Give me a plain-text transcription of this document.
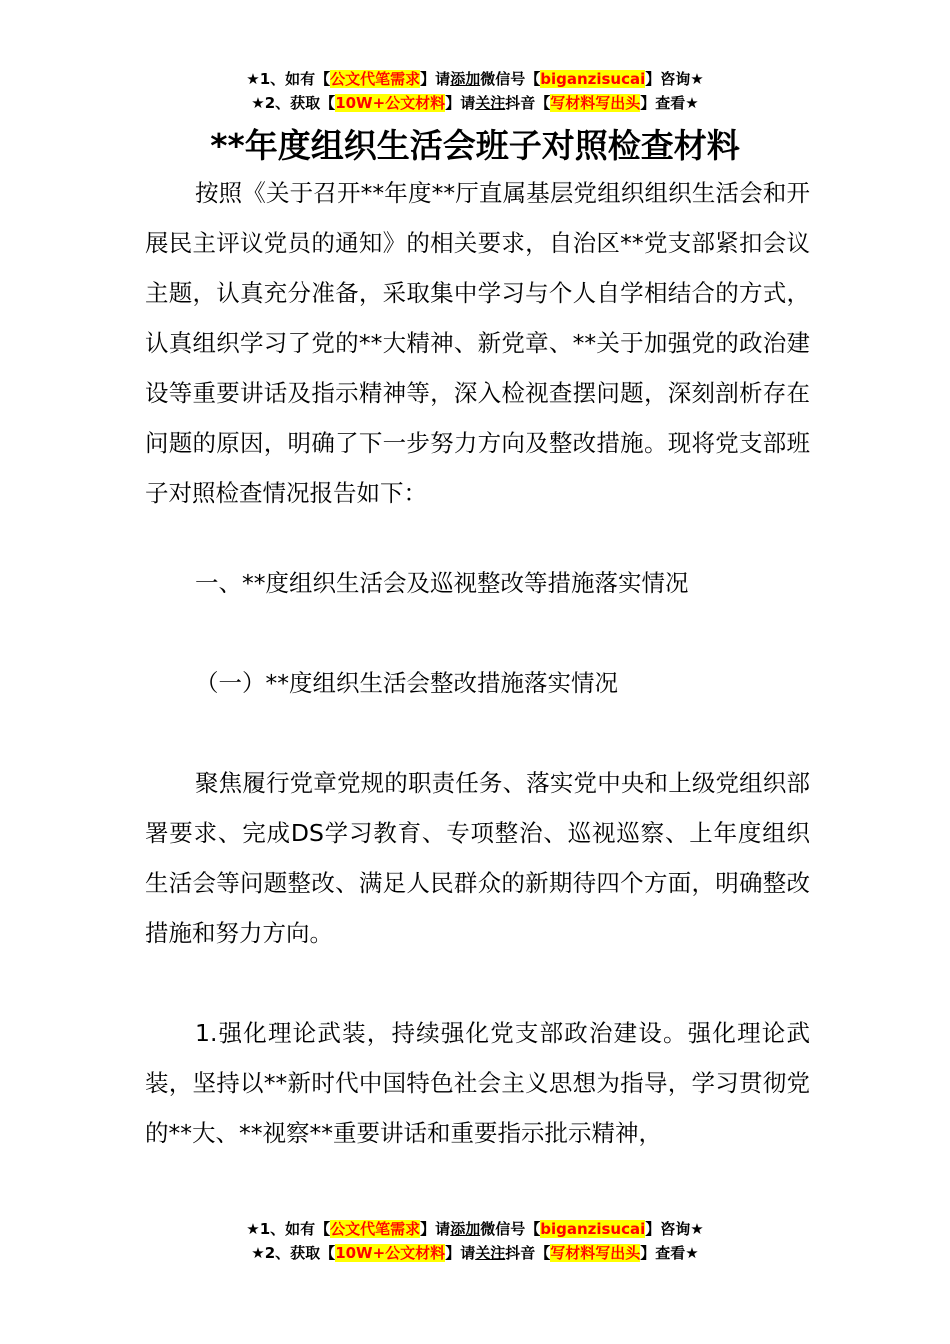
★1、如有【公文代笔需求】请添加微信号【biganzisucai】咨询★
★2、获取【10W+公文材料】请关注抖音【写材料写出头】查看★
**年度组织生活会班子对照检查材料

按照《关于召开**年度**厅直属基层党组织组织生活会和开展民主评议党员的通知》的相关要求，自治区**党支部紧扣会议主题，认真充分准备，采取集中学习与个人自学相结合的方式，认真组织学习了党的**大精神、新党章、**关于加强党的政治建设等重要讲话及指示精神等，深入检视查摆问题，深刻剖析存在问题的原因，明确了下一步努力方向及整改措施。现将党支部班子对照检查情况报告如下：

一、**度组织生活会及巡视整改等措施落实情况

（一）**度组织生活会整改措施落实情况

聚焦履行党章党规的职责任务、落实党中央和上级党组织部署要求、完成DS学习教育、专项整治、巡视巡察、上年度组织生活会等问题整改、满足人民群众的新期待四个方面，明确整改措施和努力方向。

1.强化理论武装，持续强化党支部政治建设。强化理论武装，坚持以**新时代中国特色社会主义思想为指导，学习贯彻党的**大、**视察**重要讲话和重要指示批示精神，

★1、如有【公文代笔需求】请添加微信号【biganzisucai】咨询★
★2、获取【10W+公文材料】请关注抖音【写材料写出头】查看★
